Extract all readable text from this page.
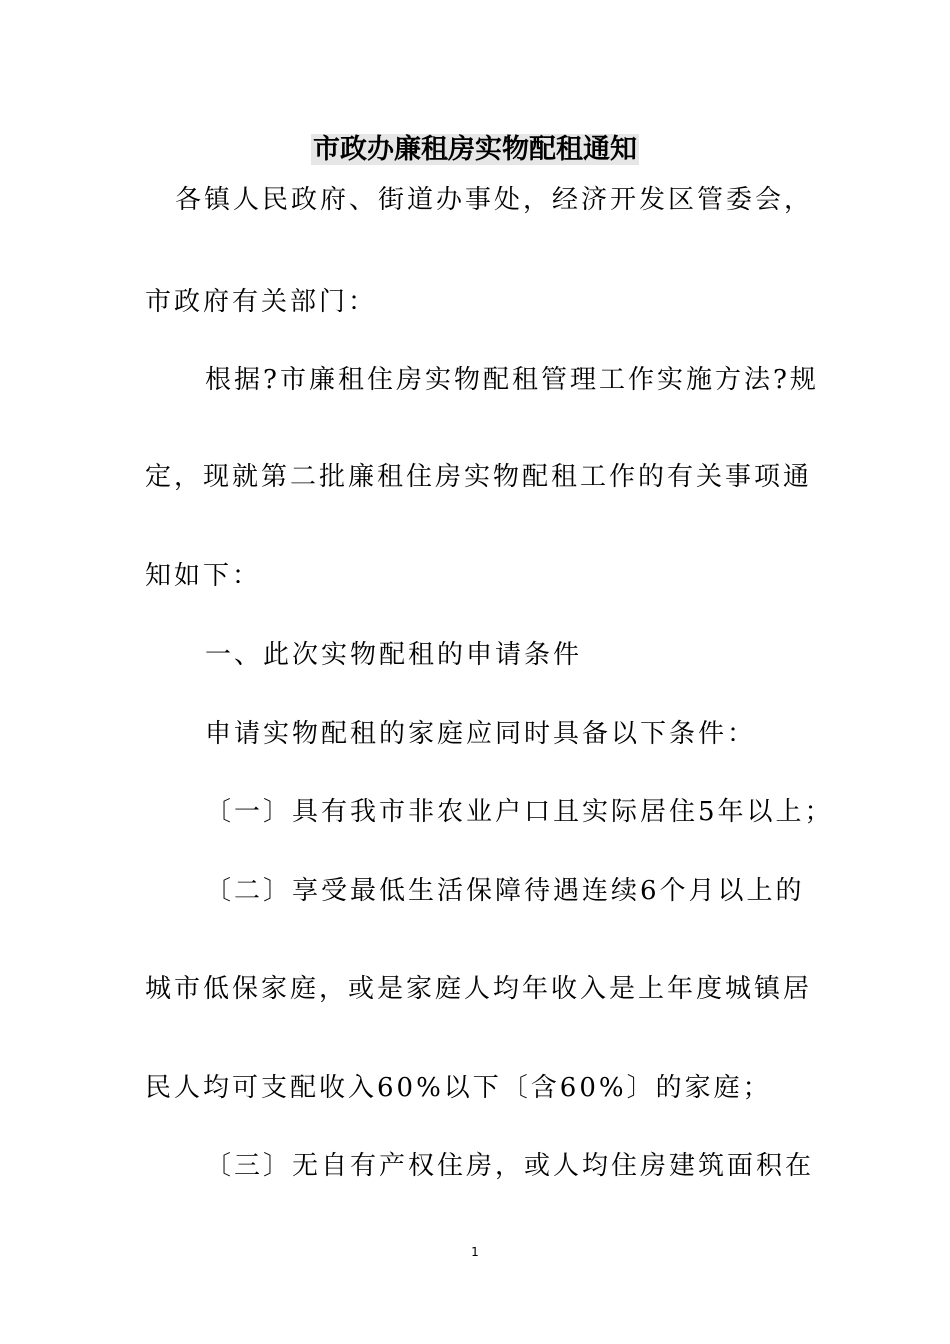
市政办廉租房实物配租通知
各镇人民政府、街道办事处，经济开发区管委会，
市政府有关部门：
根据?市廉租住房实物配租管理工作实施方法?规
定，现就第二批廉租住房实物配租工作的有关事项通
知如下：
一、此次实物配租的申请条件
申请实物配租的家庭应同时具备以下条件：
〔一〕具有我市非农业户口且实际居住5年以上；
〔二〕享受最低生活保障待遇连续6个月以上的
城市低保家庭，或是家庭人均年收入是上年度城镇居
民人均可支配收入60%以下〔含60%〕的家庭；
〔三〕无自有产权住房，或人均住房建筑面积在
1
